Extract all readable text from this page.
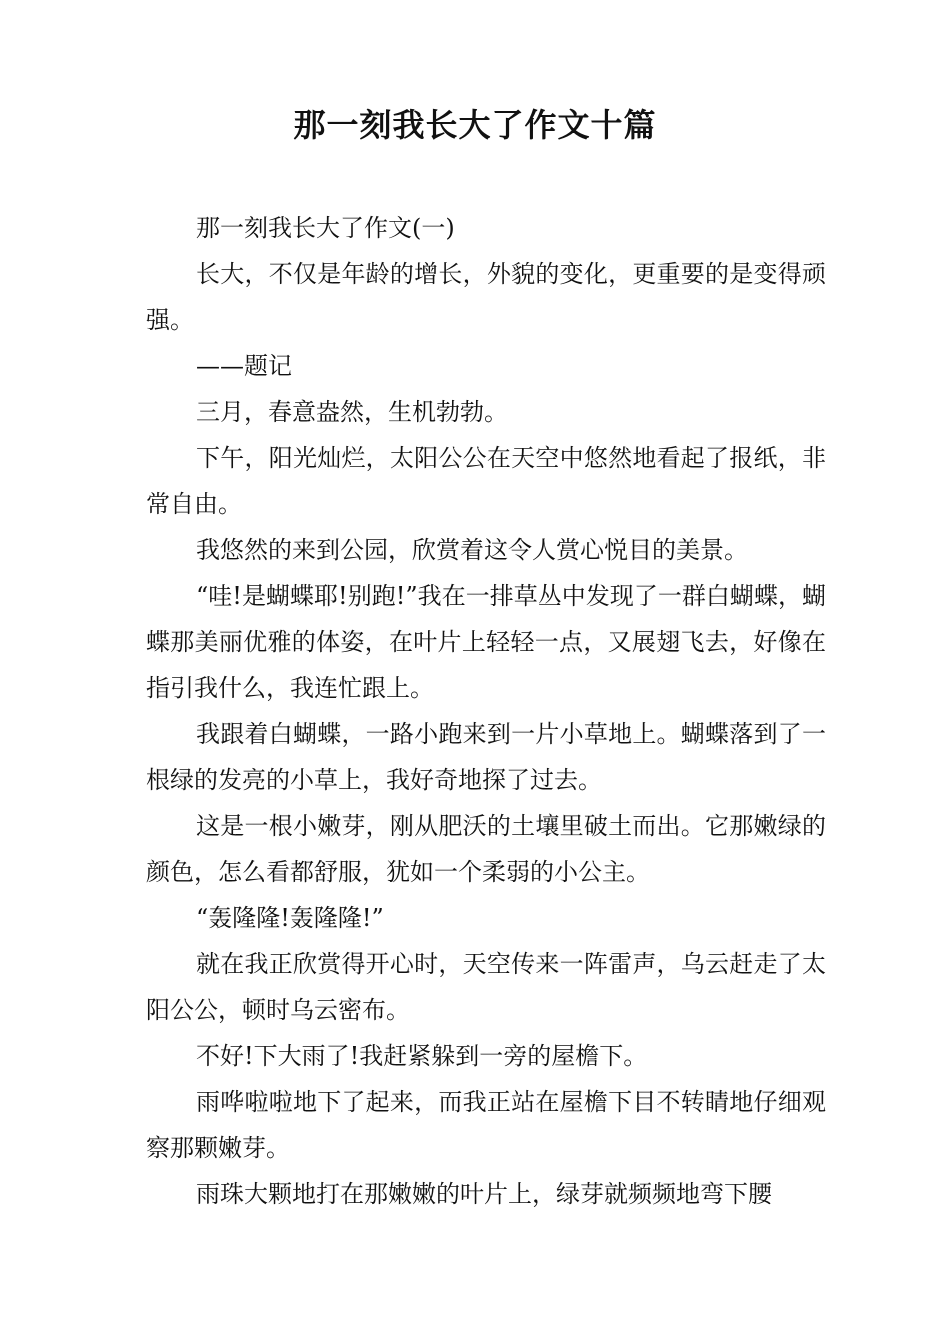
那一刻我长大了作文十篇

那一刻我长大了作文(一)

长大，不仅是年龄的增长，外貌的变化，更重要的是变得顽强。

——题记

三月，春意盎然，生机勃勃。

下午，阳光灿烂，太阳公公在天空中悠然地看起了报纸，非常自由。

我悠然的来到公园，欣赏着这令人赏心悦目的美景。

“哇!是蝴蝶耶!别跑!”我在一排草丛中发现了一群白蝴蝶，蝴蝶那美丽优雅的体姿，在叶片上轻轻一点，又展翅飞去，好像在指引我什么，我连忙跟上。

我跟着白蝴蝶，一路小跑来到一片小草地上。蝴蝶落到了一根绿的发亮的小草上，我好奇地探了过去。

这是一根小嫩芽，刚从肥沃的土壤里破土而出。它那嫩绿的颜色，怎么看都舒服，犹如一个柔弱的小公主。

“轰隆隆!轰隆隆!”

就在我正欣赏得开心时，天空传来一阵雷声，乌云赶走了太阳公公，顿时乌云密布。

不好!下大雨了!我赶紧躲到一旁的屋檐下。

雨哗啦啦地下了起来，而我正站在屋檐下目不转睛地仔细观察那颗嫩芽。

雨珠大颗地打在那嫩嫩的叶片上，绿芽就频频地弯下腰
